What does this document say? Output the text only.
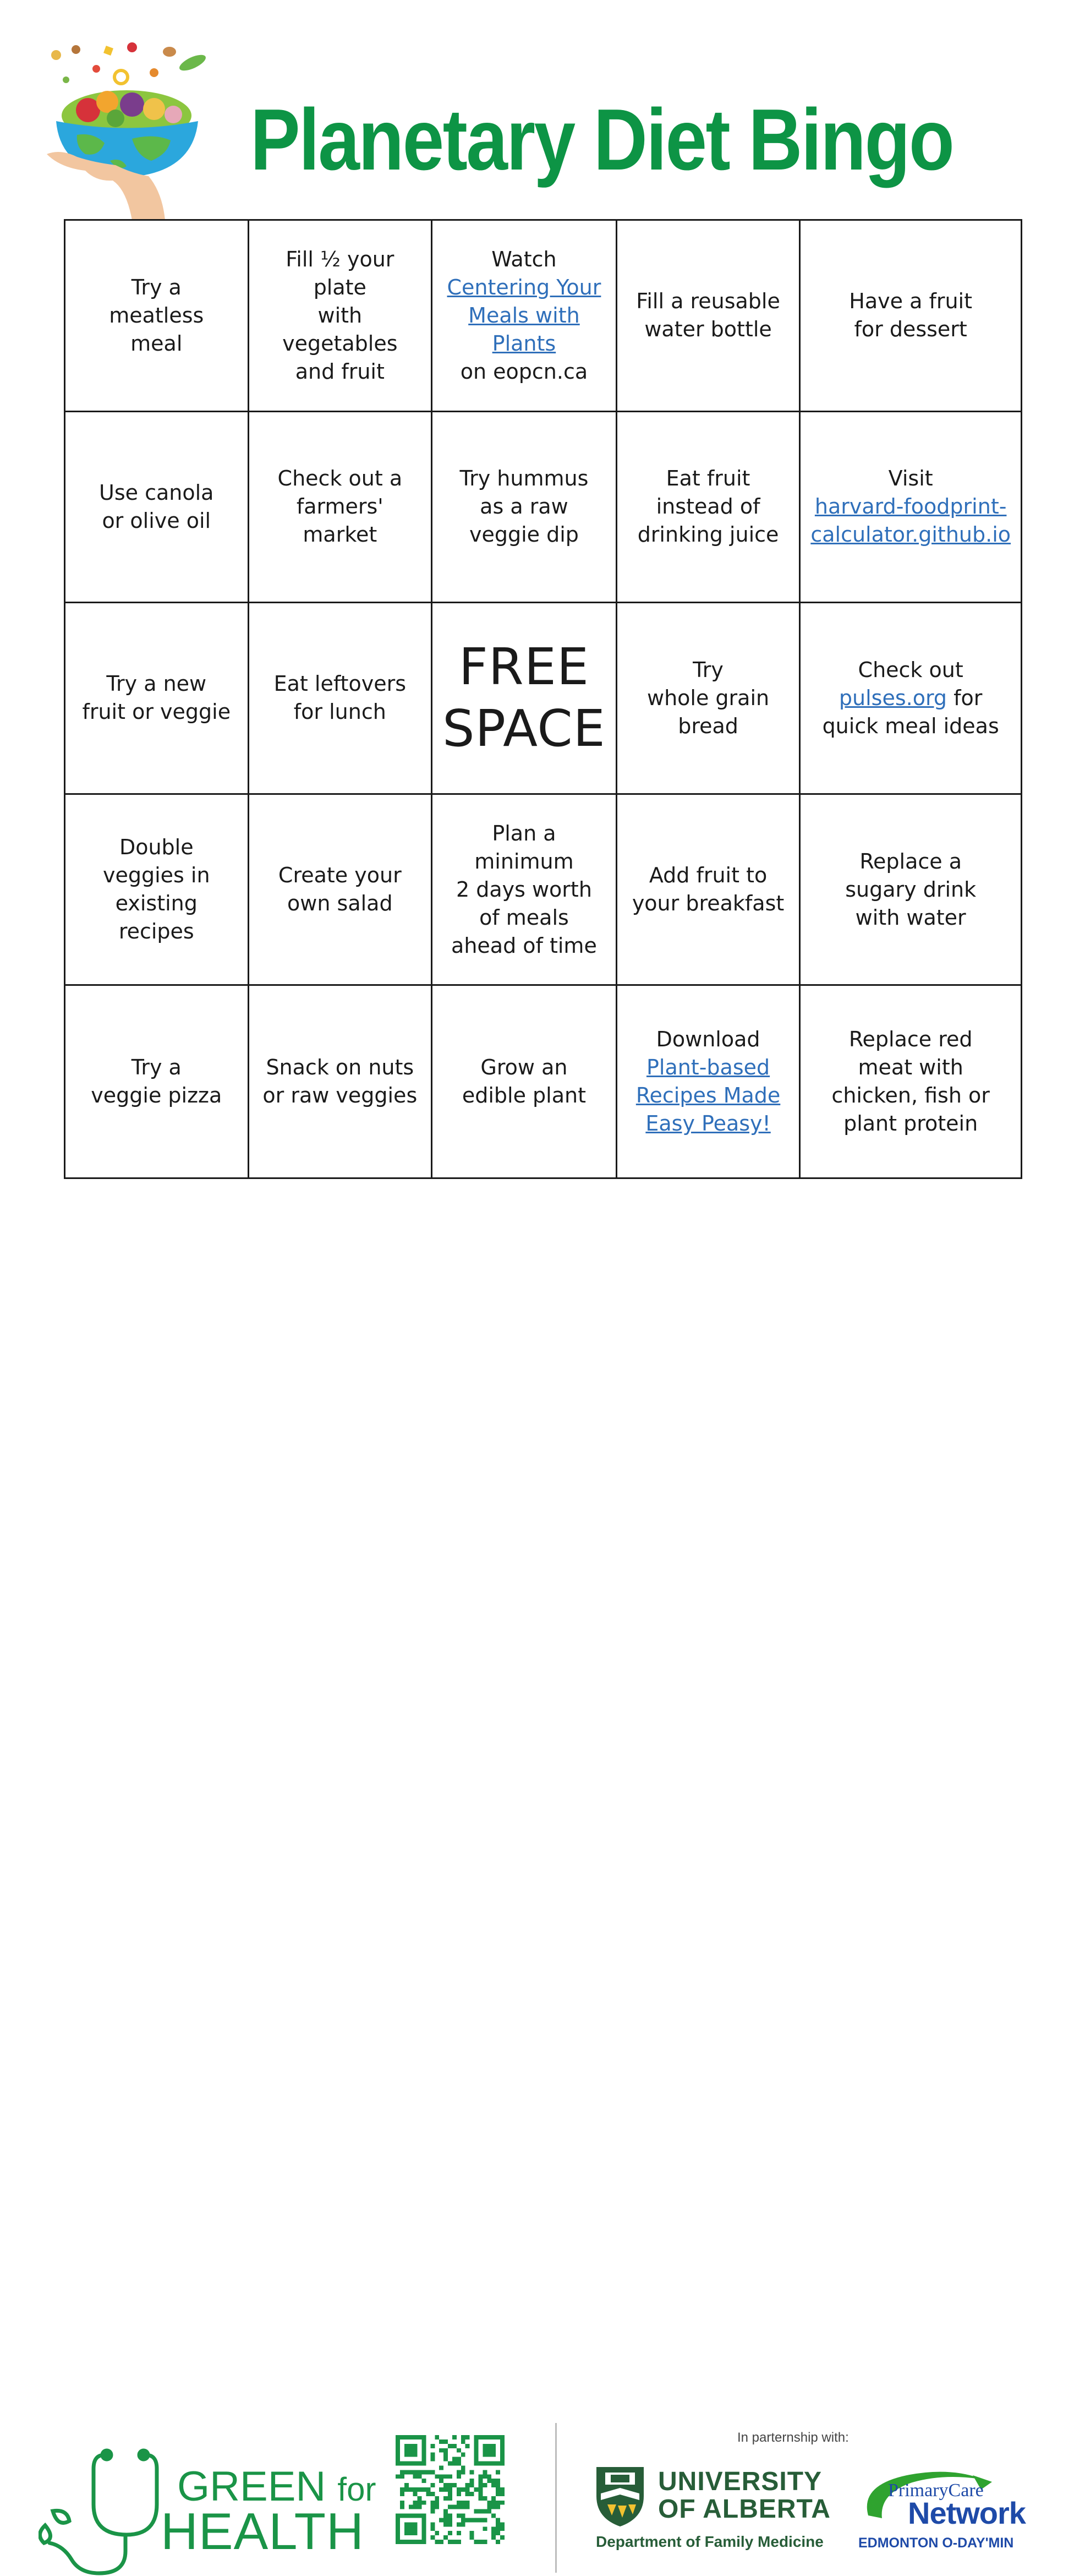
Planetary Diet Bingo
Try a
meatless
meal
Fill ½ your plate
with vegetables
and fruit
Watch
Centering Your
Meals with Plants
on eopcn.ca
Fill a reusable
water bottle
Have a fruit
for dessert
Use canola
or olive oil
Check out a
farmers' market
Try hummus
as a raw
veggie dip
Eat fruit
instead of
drinking juice
Visit
harvard-foodprint-
calculator.github.io
Try a new
fruit or veggie
Eat leftovers
for lunch
FREE
SPACE
Try
whole grain
bread
Check out
pulses.org for
quick meal ideas
Double
veggies in
existing recipes
Create your
own salad
Plan a minimum
2 days worth
of meals
ahead of time
Add fruit to
your breakfast
Replace a
sugary drink
with water
Try a
veggie pizza
Snack on nuts
or raw veggies
Grow an
edible plant
Download
Plant-based
Recipes Made
Easy Peasy!
Replace red
meat with
chicken, fish or
plant protein
GREEN for
HEALTH
In parternship with:
UNIVERSITY
OF ALBERTA
Department of Family Medicine
PrimaryCare
Network
EDMONTON O-DAY'MIN
